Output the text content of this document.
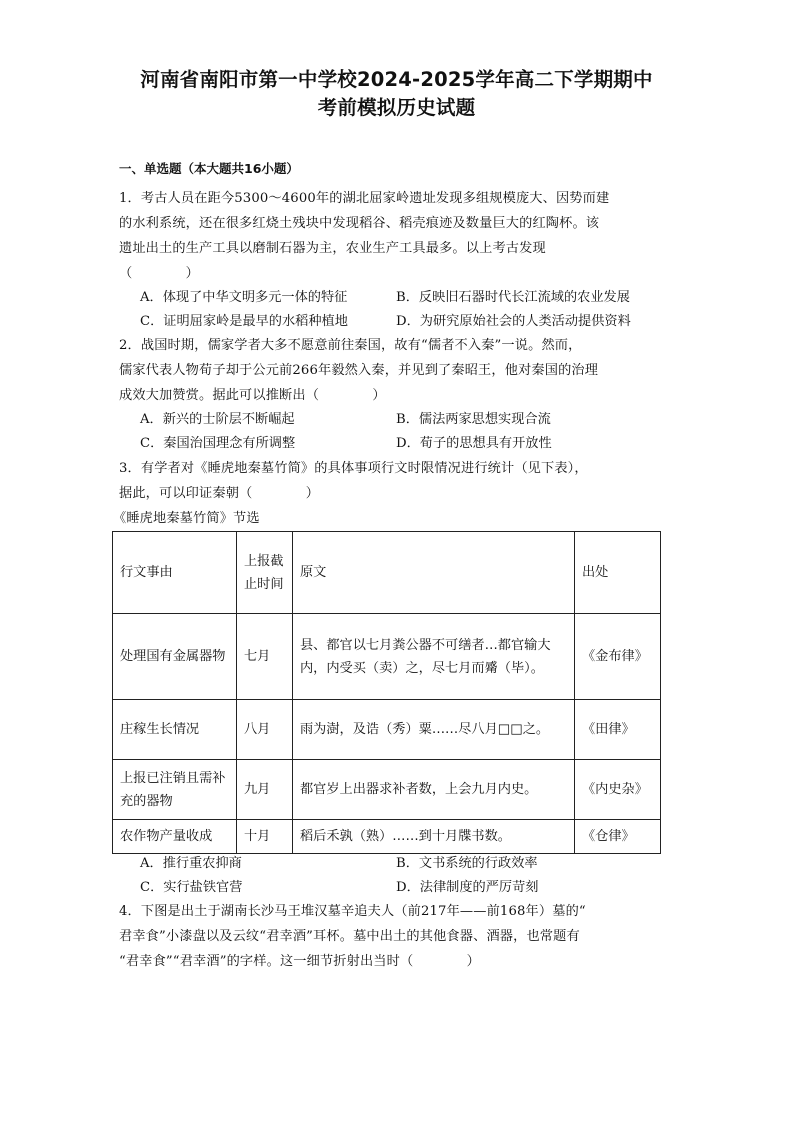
河南省南阳市第一中学校2024-2025学年高二下学期期中
考前模拟历史试题
一、单选题（本大题共16小题）
1．考古人员在距今5300～4600年的湖北屈家岭遗址发现多组规模庞大、因势而建
的水利系统，还在很多红烧土残块中发现稻谷、稻壳痕迹及数量巨大的红陶杯。该
遗址出土的生产工具以磨制石器为主，农业生产工具最多。以上考古发现
（　　　　）
A．体现了中华文明多元一体的特征	B．反映旧石器时代长江流域的农业发展
C．证明屈家岭是最早的水稻种植地	D．为研究原始社会的人类活动提供资料
2．战国时期，儒家学者大多不愿意前往秦国，故有“儒者不入秦”一说。然而，
儒家代表人物荀子却于公元前266年毅然入秦，并见到了秦昭王，他对秦国的治理
成效大加赞赏。据此可以推断出（　　　　）
A．新兴的士阶层不断崛起	B．儒法两家思想实现合流
C．秦国治国理念有所调整	D．荀子的思想具有开放性
3．有学者对《睡虎地秦墓竹简》的具体事项行文时限情况进行统计（见下表），
据此，可以印证秦朝（　　　　）
《睡虎地秦墓竹简》节选
行文事由	上报截止时间	原文	出处
处理国有金属器物	七月	县、都官以七月粪公器不可缮者…都官输大内，内受买（卖）之，尽七月而觱（毕）。	《金布律》
庄稼生长情况	八月	雨为澍，及诰（秀）粟……尽八月□□之。	《田律》
上报已注销且需补充的器物	九月	都官岁上出器求补者数，上会九月内史。	《内史杂》
农作物产量收成	十月	稻后禾孰（熟）……到十月牒书数。	《仓律》
A．推行重农抑商	B．文书系统的行政效率
C．实行盐铁官营	D．法律制度的严厉苛刻
4．下图是出土于湖南长沙马王堆汉墓辛追夫人（前217年——前168年）墓的“
君幸食”小漆盘以及云纹“君幸酒”耳杯。墓中出土的其他食器、酒器，也常题有
“君幸食”“君幸酒”的字样。这一细节折射出当时（　　　　）
